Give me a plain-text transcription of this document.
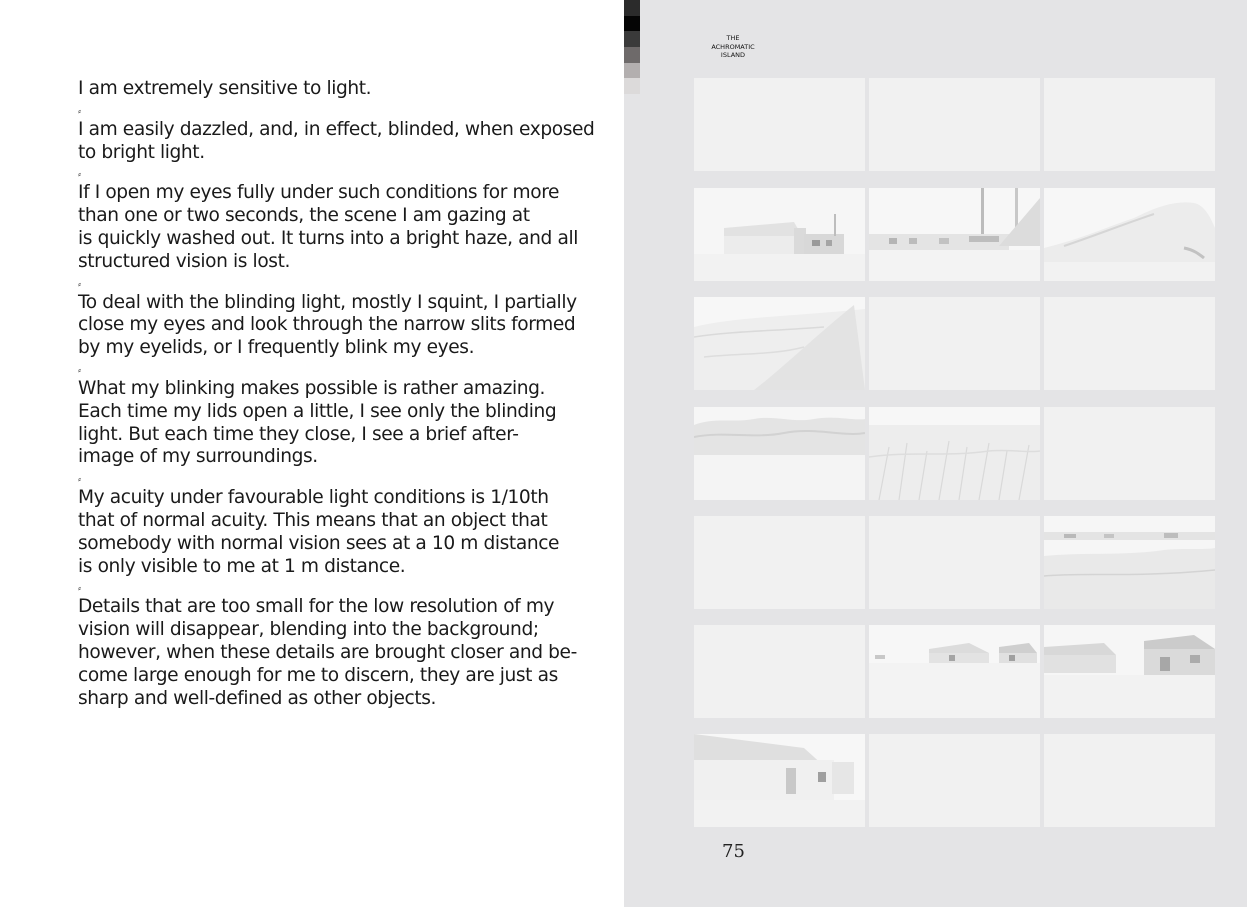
I am extremely sensitive to light.
⸗
I am easily dazzled, and, in effect, blinded, when exposed
to bright light.
⸗
If I open my eyes fully under such conditions for more
than one or two seconds, the scene I am gazing at
is quickly washed out. It turns into a bright haze, and all
structured vision is lost.
⸗
To deal with the blinding light, mostly I squint, I partially
close my eyes and look through the narrow slits formed
by my eyelids, or I frequently blink my eyes.
⸗
What my blinking makes possible is rather amazing.
Each time my lids open a little, I see only the blinding
light. But each time they close, I see a brief after-
image of my surroundings.
⸗
My acuity under favourable light conditions is 1/10th
that of normal acuity. This means that an object that
somebody with normal vision sees at a 10 m distance
is only visible to me at 1 m distance.
⸗
Details that are too small for the low resolution of my
vision will disappear, blending into the background;
however, when these details are brought closer and be-
come large enough for me to discern, they are just as
sharp and well-defined as other objects.
THE
ACHROMATIC
ISLAND
75
